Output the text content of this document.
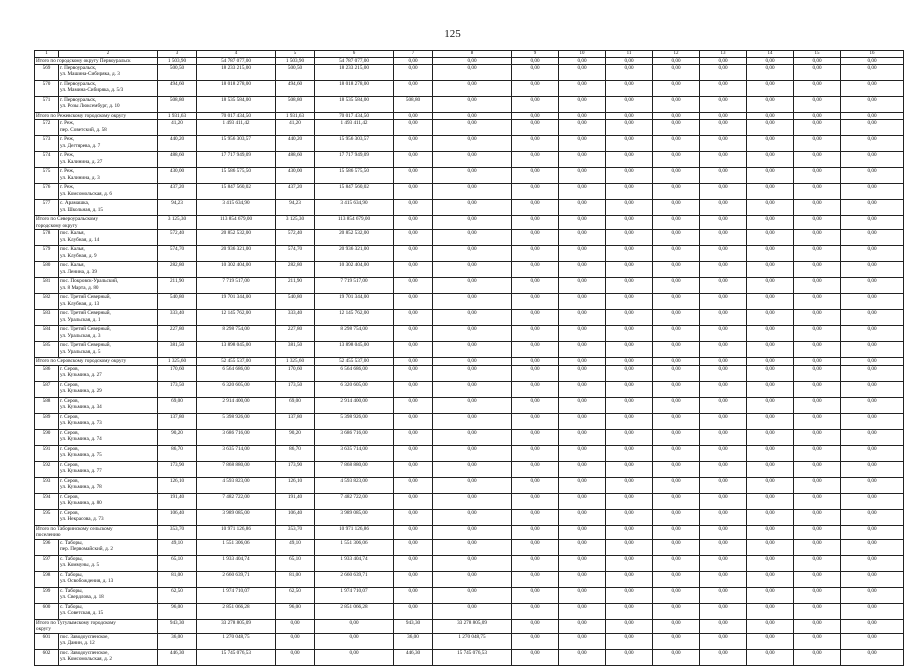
125
1	2	3	4	5	6	7	8	9	10	11	12	13	14	15	16
Итого по городскому округу Первоуральск		1 503,90	54 787 077,00	1 503,90	54 787 077,00	0,00	0,00	0,00	0,00	0,00	0,00	0,00	0,00	0,00	0,00
569	г. Первоуральск,
ул. Машина-Сибиряка, д. 3	500,50	18 233 215,00	500,50	18 233 215,00	0,00	0,00	0,00	0,00	0,00	0,00	0,00	0,00	0,00	0,00
570	г. Первоуральск,
ул. Мамина-Сибиряка, д. 5/3	494,60	18 018 278,00	494,60	18 018 278,00	0,00	0,00	0,00	0,00	0,00	0,00	0,00	0,00	0,00	0,00
571	г. Первоуральск,
ул. Розы Люксембург, д. 10	508,80	18 535 584,00	508,80	18 535 584,00	508,80	0,00	0,00	0,00	0,00	0,00	0,00	0,00	0,00	0,00
Итого по Режевскому городскому округу		1 931,63	70 017 434,50	1 931,63	70 017 434,50	0,00	0,00	0,00	0,00	0,00	0,00	0,00	0,00	0,00	0,00
572	г. Реж,
пер. Советский, д. 58	41,20	1 493 411,42	41,20	1 493 411,42	0,00	0,00	0,00	0,00	0,00	0,00	0,00	0,00	0,00	0,00
573	г. Реж,
ул. Дегтярева, д. 7	440,20	15 956 303,57	440,20	15 956 303,57	0,00	0,00	0,00	0,00	0,00	0,00	0,00	0,00	0,00	0,00
574	г. Реж,
ул. Калинина, д. 27	488,60	17 717 949,09	488,60	17 717 949,09	0,00	0,00	0,00	0,00	0,00	0,00	0,00	0,00	0,00	0,00
575	г. Реж,
ул. Калинина, д. 3	430,00	15 586 575,50	430,00	15 586 575,50	0,00	0,00	0,00	0,00	0,00	0,00	0,00	0,00	0,00	0,00
576	г. Реж,
ул. Комсомольская, д. 6	437,20	15 847 560,02	437,20	15 847 560,02	0,00	0,00	0,00	0,00	0,00	0,00	0,00	0,00	0,00	0,00
577	с. Арамашка,
ул. Школьная, д. 15	94,23	3 415 634,90	94,23	3 415 634,90	0,00	0,00	0,00	0,00	0,00	0,00	0,00	0,00	0,00	0,00

Итого по Североуральскому
городскому округу		3 125,30	113 854 679,00	3 125,30	113 854 679,00	0,00	0,00	0,00	0,00	0,00	0,00	0,00	0,00	0,00	0,00
578	пос. Калья,
ул. Клубная, д. 14	572,40	20 852 532,00	572,40	20 852 532,00	0,00	0,00	0,00	0,00	0,00	0,00	0,00	0,00	0,00	0,00
579	пос. Калья,
ул. Клубная, д. 9	574,70	20 936 321,00	574,70	20 936 321,00	0,00	0,00	0,00	0,00	0,00	0,00	0,00	0,00	0,00	0,00
580	пос. Калья,
ул. Ленина, д. 39	282,80	10 302 404,00	282,80	10 302 404,00	0,00	0,00	0,00	0,00	0,00	0,00	0,00	0,00	0,00	0,00
581	пос. Покровск-Уральский,
ул. 8 Марта, д. 80	211,90	7 719 517,00	211,90	7 719 517,00	0,00	0,00	0,00	0,00	0,00	0,00	0,00	0,00	0,00	0,00
582	пос. Третий Северный,
ул. Клубная, д. 13	540,80	19 701 344,00	540,80	19 701 344,00	0,00	0,00	0,00	0,00	0,00	0,00	0,00	0,00	0,00	0,00
583	пос. Третий Северный,
ул. Уральская, д. 1	333,40	12 145 762,00	333,40	12 145 762,00	0,00	0,00	0,00	0,00	0,00	0,00	0,00	0,00	0,00	0,00
584	пос. Третий Северный,
ул. Уральская, д. 3	227,80	8 298 754,00	227,80	8 298 754,00	0,00	0,00	0,00	0,00	0,00	0,00	0,00	0,00	0,00	0,00
585	пос. Третий Северный,
ул. Уральская, д. 5	381,50	13 898 045,00	381,50	13 898 045,00	0,00	0,00	0,00	0,00	0,00	0,00	0,00	0,00	0,00	0,00
Итого по Серовскому городскому округу		1 325,60	52 455 537,00	1 325,60	52 455 537,00	0,00	0,00	0,00	0,00	0,00	0,00	0,00	0,00	0,00	0,00
586	г. Серов,
ул. Кузьмина, д. 27	170,60	6 564 686,00	170,60	6 564 686,00	0,00	0,00	0,00	0,00	0,00	0,00	0,00	0,00	0,00	0,00
587	г. Серов,
ул. Кузьмина, д. 29	173,50	6 320 605,00	173,50	6 320 605,00	0,00	0,00	0,00	0,00	0,00	0,00	0,00	0,00	0,00	0,00
588	г. Серов,
ул. Кузьмина, д. 34	69,00	2 914 400,00	69,00	2 914 400,00	0,00	0,00	0,00	0,00	0,00	0,00	0,00	0,00	0,00	0,00
589	г. Серов,
ул. Кузьмина, д. 73	137,80	5 398 926,00	137,80	5 398 926,00	0,00	0,00	0,00	0,00	0,00	0,00	0,00	0,00	0,00	0,00
590	г. Серов,
ул. Кузьмина, д. 74	90,20	3 686 716,00	90,20	3 686 716,00	0,00	0,00	0,00	0,00	0,00	0,00	0,00	0,00	0,00	0,00
591	г. Серов,
ул. Кузьмина, д. 75	86,70	3 635 714,00	86,70	3 635 714,00	0,00	0,00	0,00	0,00	0,00	0,00	0,00	0,00	0,00	0,00
592	г. Серов,
ул. Кузьмина, д. 77	173,90	7 868 880,00	173,90	7 868 880,00	0,00	0,00	0,00	0,00	0,00	0,00	0,00	0,00	0,00	0,00
593	г. Серов,
ул. Кузьмина, д. 78	126,10	4 593 823,00	126,10	4 593 823,00	0,00	0,00	0,00	0,00	0,00	0,00	0,00	0,00	0,00	0,00
594	г. Серов,
ул. Кузьмина, д. 80	191,40	7 482 722,00	191,40	7 482 722,00	0,00	0,00	0,00	0,00	0,00	0,00	0,00	0,00	0,00	0,00
595	г. Серов,
ул. Некрасова, д. 73	106,40	3 989 085,00	106,40	3 989 085,00	0,00	0,00	0,00	0,00	0,00	0,00	0,00	0,00	0,00	0,00

Итого по Таборинскому сельскому
поселению		353,70	10 971 126,86	353,70	10 971 126,86	0,00	0,00	0,00	0,00	0,00	0,00	0,00	0,00	0,00	0,00
596	с. Таборы,
пер. Первомайский, д. 2	49,10	1 551 306,06	49,10	1 551 306,06	0,00	0,00	0,00	0,00	0,00	0,00	0,00	0,00	0,00	0,00
597	с. Таборы,
ул. Коммуны, д. 5	65,10	1 933 404,74	65,10	1 933 404,74	0,00	0,00	0,00	0,00	0,00	0,00	0,00	0,00	0,00	0,00
598	с. Таборы,
ул. Освобождения, д. 13	81,00	2 660 639,71	81,00	2 660 639,71	0,00	0,00	0,00	0,00	0,00	0,00	0,00	0,00	0,00	0,00
599	с. Таборы,
ул. Свердлова, д. 18	62,50	1 974 710,07	62,50	1 974 710,07	0,00	0,00	0,00	0,00	0,00	0,00	0,00	0,00	0,00	0,00
600	с. Таборы,
ул. Советская, д. 15	96,00	2 851 066,28	96,00	2 851 066,28	0,00	0,00	0,00	0,00	0,00	0,00	0,00	0,00	0,00	0,00

Итого по Тугулымскому городскому
округу		943,30	33 278 805,09	0,00	0,00	943,30	33 278 805,09	0,00	0,00	0,00	0,00	0,00	0,00	0,00	0,00
601	пос. Заводоуспенское,
ул. Данин, д. 12	36,00	1 270 048,75	0,00	0,00	36,00	1 270 048,75	0,00	0,00	0,00	0,00	0,00	0,00	0,00	0,00
602	пос. Заводоуспенское,
ул. Комсомольская, д. 2	446,30	15 745 076,53	0,00	0,00	446,30	15 745 076,53	0,00	0,00	0,00	0,00	0,00	0,00	0,00	0,00
